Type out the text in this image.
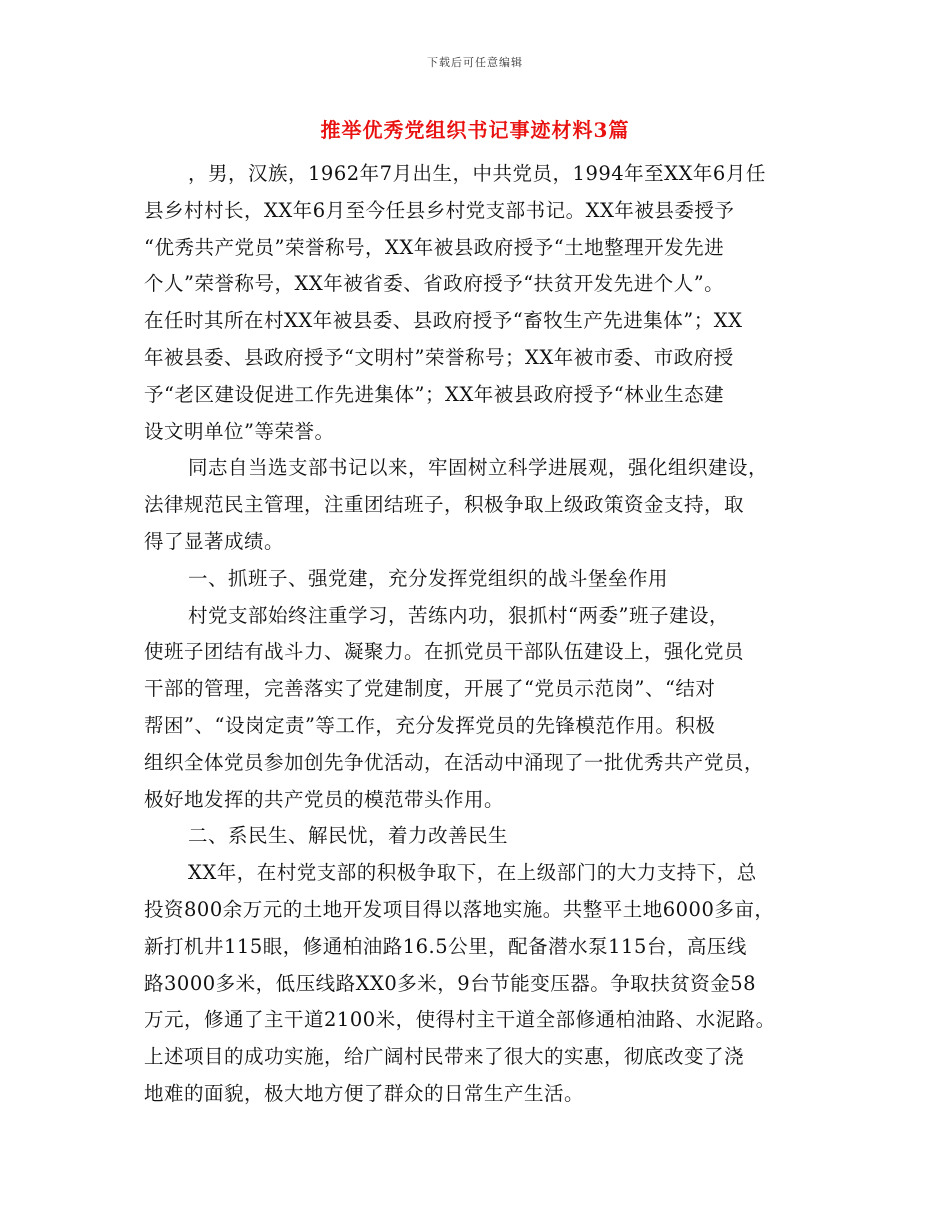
下载后可任意编辑
推举优秀党组织书记事迹材料3篇
，男，汉族，1962年7月出生，中共党员，1994年至XX年6月任
县乡村村长，XX年6月至今任县乡村党支部书记。XX年被县委授予
“优秀共产党员”荣誉称号，XX年被县政府授予“土地整理开发先进
个人”荣誉称号，XX年被省委、省政府授予“扶贫开发先进个人”。
在任时其所在村XX年被县委、县政府授予“畜牧生产先进集体”；XX
年被县委、县政府授予“文明村”荣誉称号；XX年被市委、市政府授
予“老区建设促进工作先进集体”；XX年被县政府授予“林业生态建
设文明单位”等荣誉。
同志自当选支部书记以来，牢固树立科学进展观，强化组织建设，
法律规范民主管理，注重团结班子，积极争取上级政策资金支持，取
得了显著成绩。
一、抓班子、强党建，充分发挥党组织的战斗堡垒作用
村党支部始终注重学习，苦练内功，狠抓村“两委”班子建设，
使班子团结有战斗力、凝聚力。在抓党员干部队伍建设上，强化党员
干部的管理，完善落实了党建制度，开展了“党员示范岗”、“结对
帮困”、“设岗定责”等工作，充分发挥党员的先锋模范作用。积极
组织全体党员参加创先争优活动，在活动中涌现了一批优秀共产党员，
极好地发挥的共产党员的模范带头作用。
二、系民生、解民忧，着力改善民生
XX年，在村党支部的积极争取下，在上级部门的大力支持下，总
投资800余万元的土地开发项目得以落地实施。共整平土地6000多亩，
新打机井115眼，修通柏油路16.5公里，配备潜水泵115台，高压线
路3000多米，低压线路XX0多米，9台节能变压器。争取扶贫资金58
万元，修通了主干道2100米，使得村主干道全部修通柏油路、水泥路。
上述项目的成功实施，给广阔村民带来了很大的实惠，彻底改变了浇
地难的面貌，极大地方便了群众的日常生产生活。
